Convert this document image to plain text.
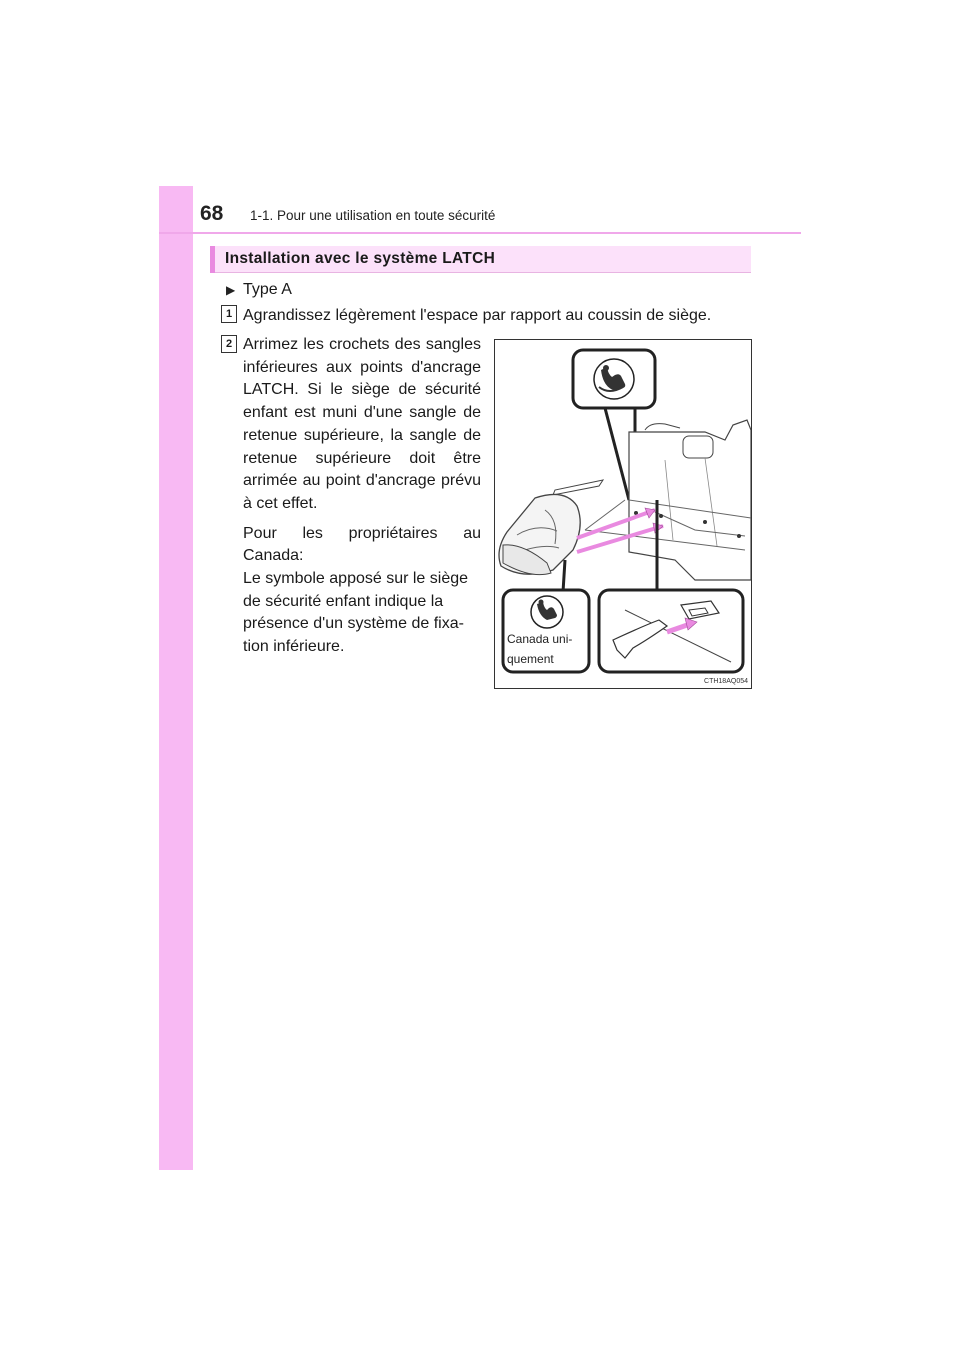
68 1-1. Pour une utilisation en toute sécurité
Installation avec le système LATCH
▶ Type A
1 Agrandissez légèrement l'espace par rapport au coussin de siège.
2 Arrimez les crochets des sangles inférieures aux points d'ancrage LATCH. Si le siège de sécurité enfant est muni d'une sangle de retenue supérieure, la sangle de retenue supérieure doit être arrimée au point d'ancrage prévu à cet effet.

Pour les propriétaires au Canada:

Le symbole apposé sur le siège de sécurité enfant indique la présence d'un système de fixation inférieure.	Canada uni-
quement
CTH18AQ054
